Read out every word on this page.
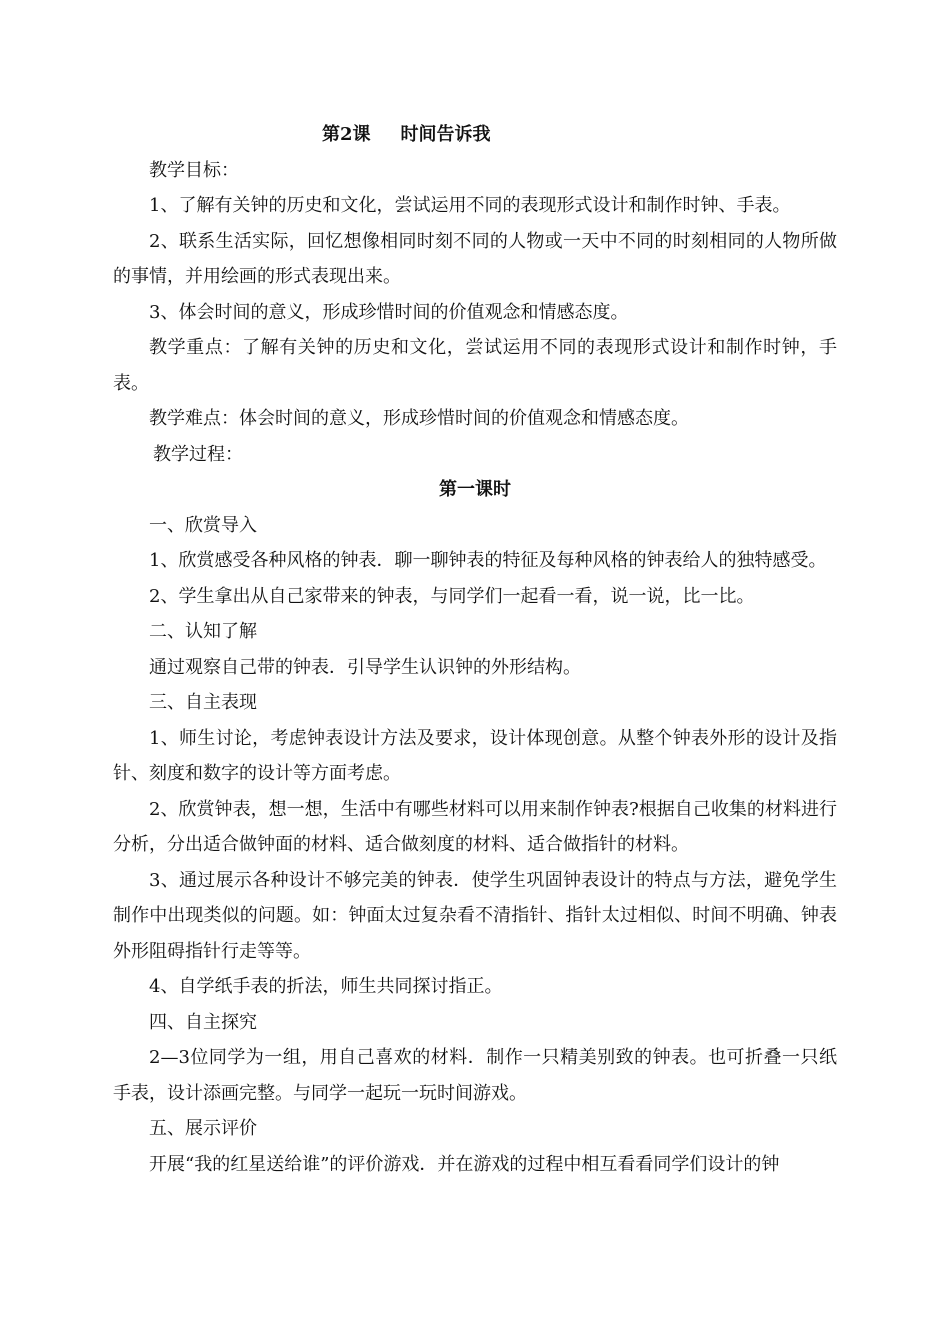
第2课 时间告诉我

教学目标：

1、了解有关钟的历史和文化，尝试运用不同的表现形式设计和制作时钟、手表。

2、联系生活实际，回忆想像相同时刻不同的人物或一天中不同的时刻相同的人物所做的事情，并用绘画的形式表现出来。

3、体会时间的意义，形成珍惜时间的价值观念和情感态度。

教学重点：了解有关钟的历史和文化，尝试运用不同的表现形式设计和制作时钟，手表。

教学难点：体会时间的意义，形成珍惜时间的价值观念和情感态度。

教学过程：

第一课时

一、欣赏导入

1、欣赏感受各种风格的钟表．聊一聊钟表的特征及每种风格的钟表给人的独特感受。

2、学生拿出从自己家带来的钟表，与同学们一起看一看，说一说，比一比。

二、认知了解

通过观察自己带的钟表．引导学生认识钟的外形结构。

三、自主表现

1、师生讨论，考虑钟表设计方法及要求，设计体现创意。从整个钟表外形的设计及指针、刻度和数字的设计等方面考虑。

2、欣赏钟表，想一想，生活中有哪些材料可以用来制作钟表?根据自己收集的材料进行分析，分出适合做钟面的材料、适合做刻度的材料、适合做指针的材料。

3、通过展示各种设计不够完美的钟表．使学生巩固钟表设计的特点与方法，避免学生制作中出现类似的问题。如：钟面太过复杂看不清指针、指针太过相似、时间不明确、钟表外形阻碍指针行走等等。

4、自学纸手表的折法，师生共同探讨指正。

四、自主探究

2—3位同学为一组，用自己喜欢的材料．制作一只精美别致的钟表。也可折叠一只纸手表，设计添画完整。与同学一起玩一玩时间游戏。

五、展示评价

开展“我的红星送给谁”的评价游戏．并在游戏的过程中相互看看同学们设计的钟
